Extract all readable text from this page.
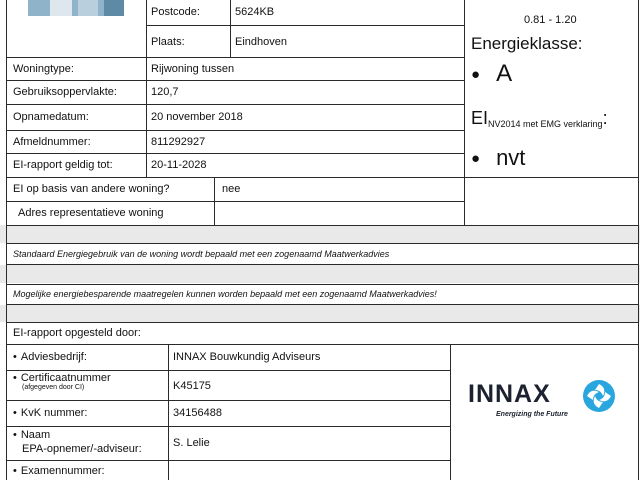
Postcode:	5624KB
Plaats:	Eindhoven
Woningtype:	Rijwoning tussen
Gebruiksoppervlakte:	120,7
Opnamedatum:	20 november 2018
Afmeldnummer:	811292927
EI-rapport geldig tot:	20-11-2028
EI op basis van andere woning?	nee
Adres representatieve woning
0.81 - 1.20
Energieklasse:
● A
$EI_{NV2014 met EMG verklaring}$:
● nvt
Standaard Energiegebruik van de woning wordt bepaald met een zogenaamd Maatwerkadvies
Mogelijke energiebesparende maatregelen kunnen worden bepaald met een zogenaamd Maatwerkadvies!
EI-rapport opgesteld door:
• Adviesbedrijf:	INNAX Bouwkundig Adviseurs
• Certificaatnummer
(afgegeven door CI)	K45175
• KvK nummer:	34156488
• Naam
EPA-opnemer/-adviseur:	S. Lelie
• Examennummer:
INNAX
Energizing the Future
